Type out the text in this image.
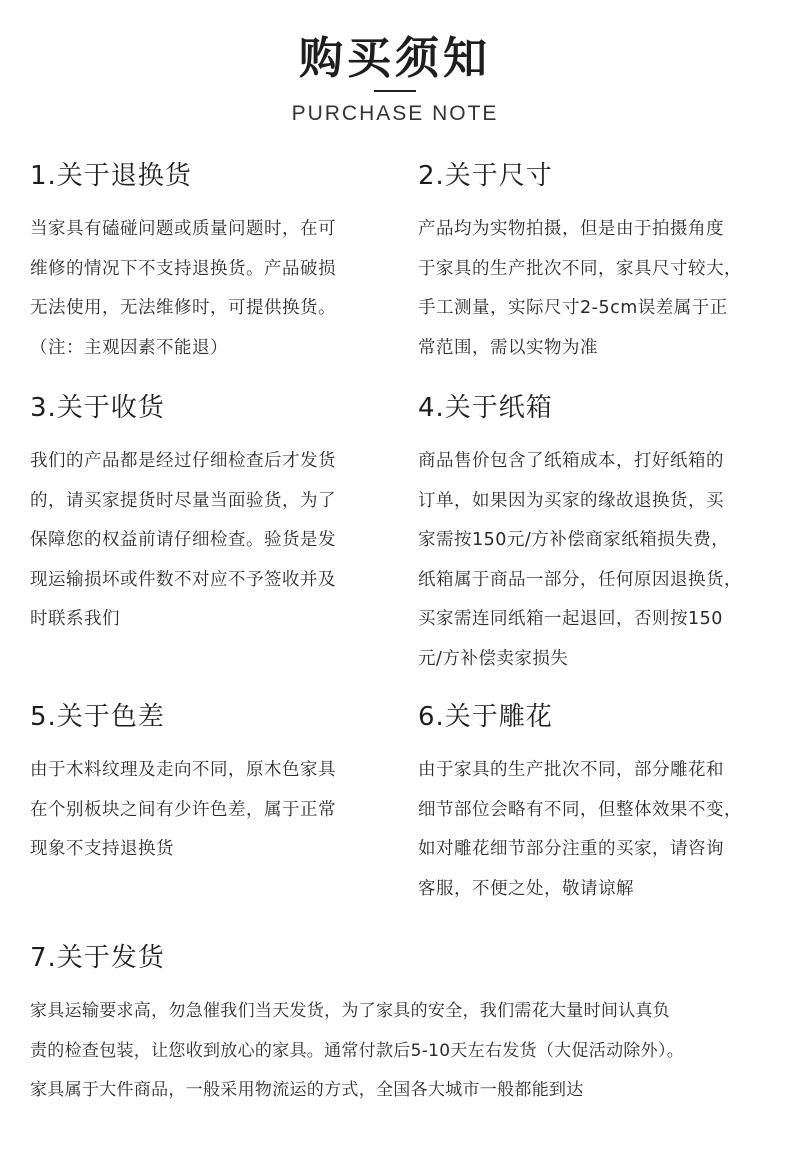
购买须知
PURCHASE NOTE
1.关于退换货
当家具有磕碰问题或质量问题时，在可
维修的情况下不支持退换货。产品破损
无法使用，无法维修时，可提供换货。
（注：主观因素不能退）
2.关于尺寸
产品均为实物拍摄，但是由于拍摄角度
于家具的生产批次不同，家具尺寸较大，
手工测量，实际尺寸2-5cm误差属于正
常范围，需以实物为准
3.关于收货
我们的产品都是经过仔细检查后才发货
的，请买家提货时尽量当面验货，为了
保障您的权益前请仔细检查。验货是发
现运输损坏或件数不对应不予签收并及
时联系我们
4.关于纸箱
商品售价包含了纸箱成本，打好纸箱的
订单，如果因为买家的缘故退换货，买
家需按150元/方补偿商家纸箱损失费，
纸箱属于商品一部分，任何原因退换货，
买家需连同纸箱一起退回，否则按150
元/方补偿卖家损失
5.关于色差
由于木料纹理及走向不同，原木色家具
在个别板块之间有少许色差，属于正常
现象不支持退换货
6.关于雕花
由于家具的生产批次不同，部分雕花和
细节部位会略有不同，但整体效果不变，
如对雕花细节部分注重的买家，请咨询
客服，不便之处，敬请谅解
7.关于发货
家具运输要求高，勿急催我们当天发货，为了家具的安全，我们需花大量时间认真负
责的检查包装，让您收到放心的家具。通常付款后5-10天左右发货（大促活动除外）。
家具属于大件商品，一般采用物流运的方式，全国各大城市一般都能到达
